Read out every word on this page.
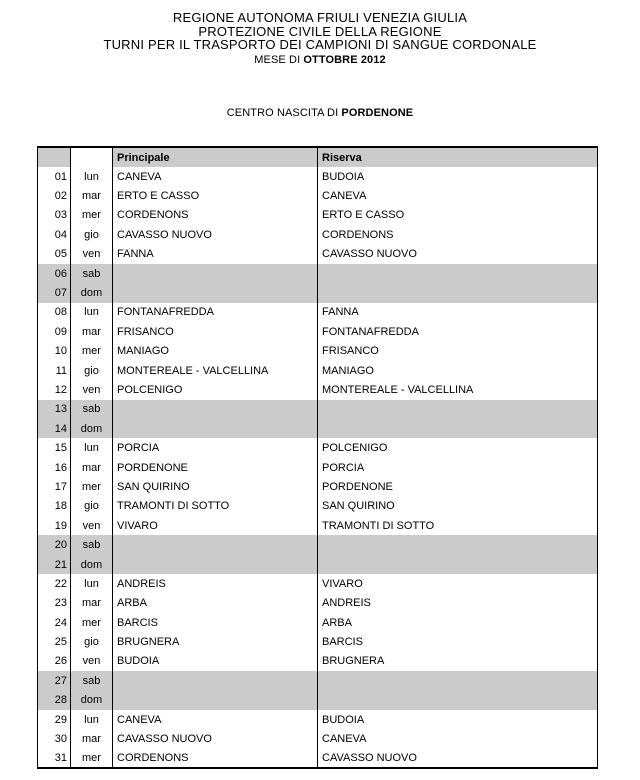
REGIONE AUTONOMA FRIULI VENEZIA GIULIA
PROTEZIONE CIVILE DELLA REGIONE
TURNI PER IL TRASPORTO DEI CAMPIONI DI SANGUE CORDONALE
MESE DI OTTOBRE 2012
CENTRO NASCITA DI PORDENONE
		Principale	Riserva
01	lun	CANEVA	BUDOIA
02	mar	ERTO E CASSO	CANEVA
03	mer	CORDENONS	ERTO E CASSO
04	gio	CAVASSO NUOVO	CORDENONS
05	ven	FANNA	CAVASSO NUOVO
06	sab		
07	dom		
08	lun	FONTANAFREDDA	FANNA
09	mar	FRISANCO	FONTANAFREDDA
10	mer	MANIAGO	FRISANCO
11	gio	MONTEREALE - VALCELLINA	MANIAGO
12	ven	POLCENIGO	MONTEREALE - VALCELLINA
13	sab		
14	dom		
15	lun	PORCIA	POLCENIGO
16	mar	PORDENONE	PORCIA
17	mer	SAN QUIRINO	PORDENONE
18	gio	TRAMONTI DI SOTTO	SAN QUIRINO
19	ven	VIVARO	TRAMONTI DI SOTTO
20	sab		
21	dom		
22	lun	ANDREIS	VIVARO
23	mar	ARBA	ANDREIS
24	mer	BARCIS	ARBA
25	gio	BRUGNERA	BARCIS
26	ven	BUDOIA	BRUGNERA
27	sab		
28	dom		
29	lun	CANEVA	BUDOIA
30	mar	CAVASSO NUOVO	CANEVA
31	mer	CORDENONS	CAVASSO NUOVO
